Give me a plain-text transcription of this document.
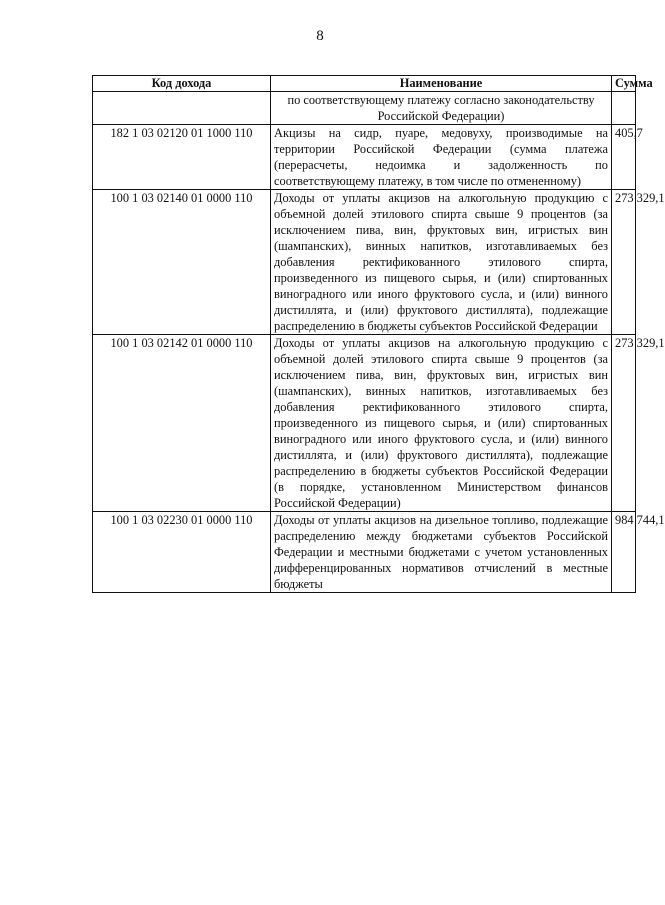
8
Код дохода	Наименование	Сумма

	по соответствующему платежу согласно законодательству Российской Федерации)	

182 1 03 02120 01 1000 110	Акцизы на сидр, пуаре, медовуху, производимые на территории Российской Федерации (сумма платежа (перерасчеты, недоимка и задолженность по соответствующему платежу, в том числе по отмененному)	405,7
100 1 03 02140 01 0000 110	Доходы от уплаты акцизов на алкогольную продукцию с объемной долей этилового спирта свыше 9 процентов (за исключением пива, вин, фруктовых вин, игристых вин (шампанских), винных напитков, изготавливаемых без добавления ректификованного этилового спирта, произведенного из пищевого сырья, и (или) спиртованных виноградного или иного фруктового сусла, и (или) винного дистиллята, и (или) фруктового дистиллята), подлежащие распределению в бюджеты субъектов Российской Федерации	273 329,1
100 1 03 02142 01 0000 110	Доходы от уплаты акцизов на алкогольную продукцию с объемной долей этилового спирта свыше 9 процентов (за исключением пива, вин, фруктовых вин, игристых вин (шампанских), винных напитков, изготавливаемых без добавления ректификованного этилового спирта, произведенного из пищевого сырья, и (или) спиртованных виноградного или иного фруктового сусла, и (или) винного дистиллята, и (или) фруктового дистиллята), подлежащие распределению в бюджеты субъектов Российской Федерации (в порядке, установленном Министерством финансов Российской Федерации)	273 329,1
100 1 03 02230 01 0000 110	Доходы от уплаты акцизов на дизельное топливо, подлежащие распределению между бюджетами субъектов Российской Федерации и местными бюджетами с учетом установленных дифференцированных нормативов отчислений в местные бюджеты	984 744,1
